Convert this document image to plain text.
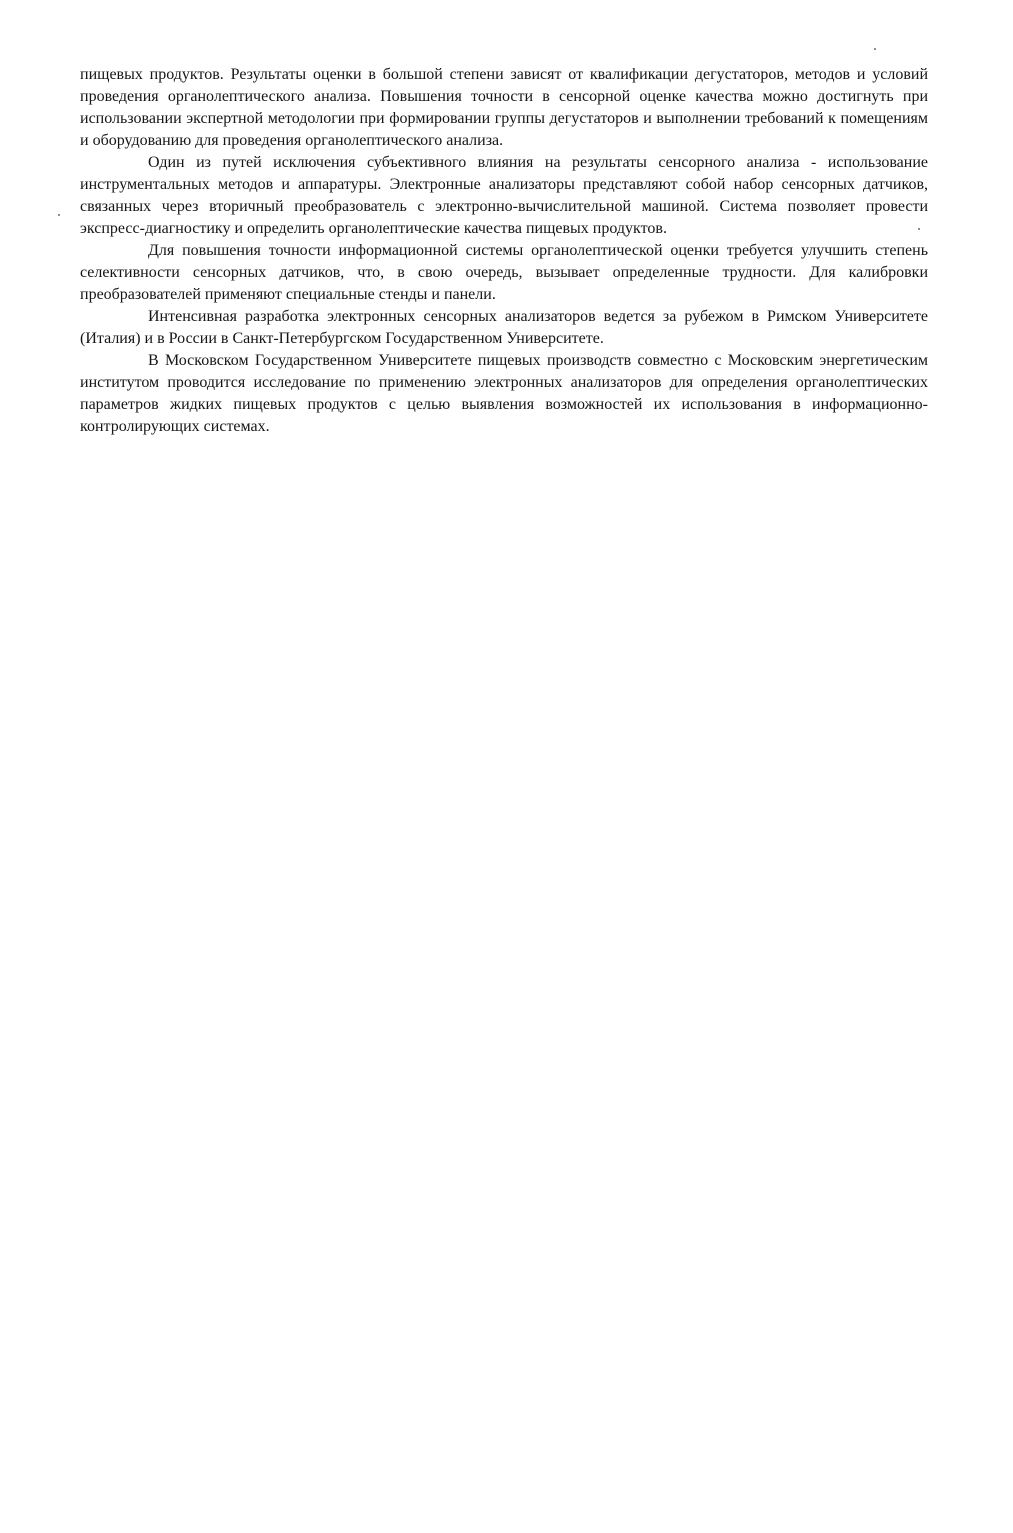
пищевых продуктов. Результаты оценки в большой степени зависят от квалификации дегустаторов, методов и условий проведения органолептического анализа. Повышения точности в сенсорной оценке качества можно достигнуть при использовании экспертной методологии при формировании группы дегустаторов и выполнении требований к помещениям и оборудованию для проведения органолептического анализа.

Один из путей исключения субъективного влияния на результаты сенсорного анализа - использование инструментальных методов и аппаратуры. Электронные анализаторы представляют собой набор сенсорных датчиков, связанных через вторичный преобразователь с электронно-вычислительной машиной. Система позволяет провести экспресс-диагностику и определить органолептические качества пищевых продуктов.

Для повышения точности информационной системы органолептической оценки требуется улучшить степень селективности сенсорных датчиков, что, в свою очередь, вызывает определенные трудности. Для калибровки преобразователей применяют специальные стенды и панели.

Интенсивная разработка электронных сенсорных анализаторов ведется за рубежом в Римском Университете (Италия) и в России в Санкт-Петербургском Государственном Университете.

В Московском Государственном Университете пищевых производств совместно с Московским энергетическим институтом проводится исследование по применению электронных анализаторов для определения органолептических параметров жидких пищевых продуктов с целью выявления возможностей их использования в информационно-контролирующих системах.
